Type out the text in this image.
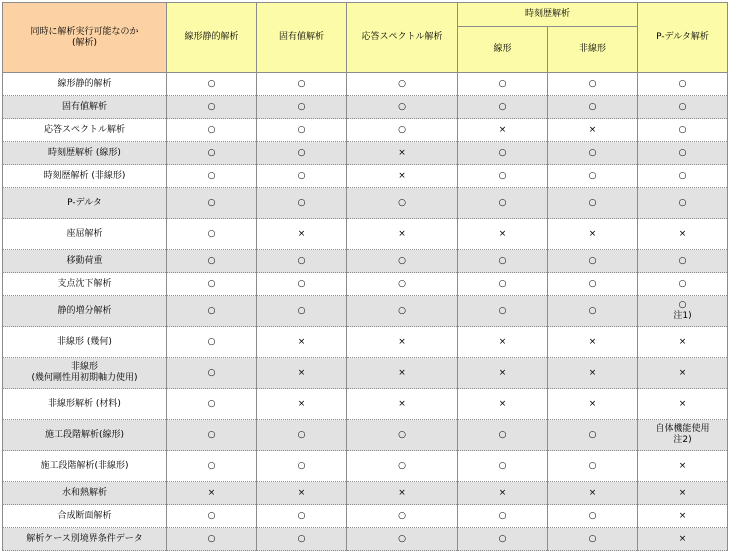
同時に解析実行可能なのか
(解析)	線形静的解析	固有値解析	応答スペクトル解析	時刻歴解析		P-デルタ解析
				線形	非線形	

線形静的解析	○	○	○	○	○	○

固有値解析	○	○	○	○	○	○

応答スペクトル解析	○	○	○	×	×	○

時刻歴解析 (線形)	○	○	×	○	○	○

時刻歴解析 (非線形)	○	○	×	○	○	○

P-デルタ	○	○	○	○	○	○

座屈解析	○	×	×	×	×	×

移動荷重	○	○	○	○	○	○

支点沈下解析	○	○	○	○	○	○

静的増分解析	○	○	○	○	○	○
注1)

非線形 (幾何)	○	×	×	×	×	×

非線形
(幾何剛性用初期軸力使用)	○	×	×	×	×	×

非線形解析 (材料)	○	×	×	×	×	×

施工段階解析(線形)	○	○	○	○	○	自体機能使用
注2)

施工段階解析(非線形)	○	○	○	○	○	×

水和熱解析	×	×	×	×	×	×

合成断面解析	○	○	○	○	○	×

解析ケース別境界条件データ	○	○	○	○	○	×
